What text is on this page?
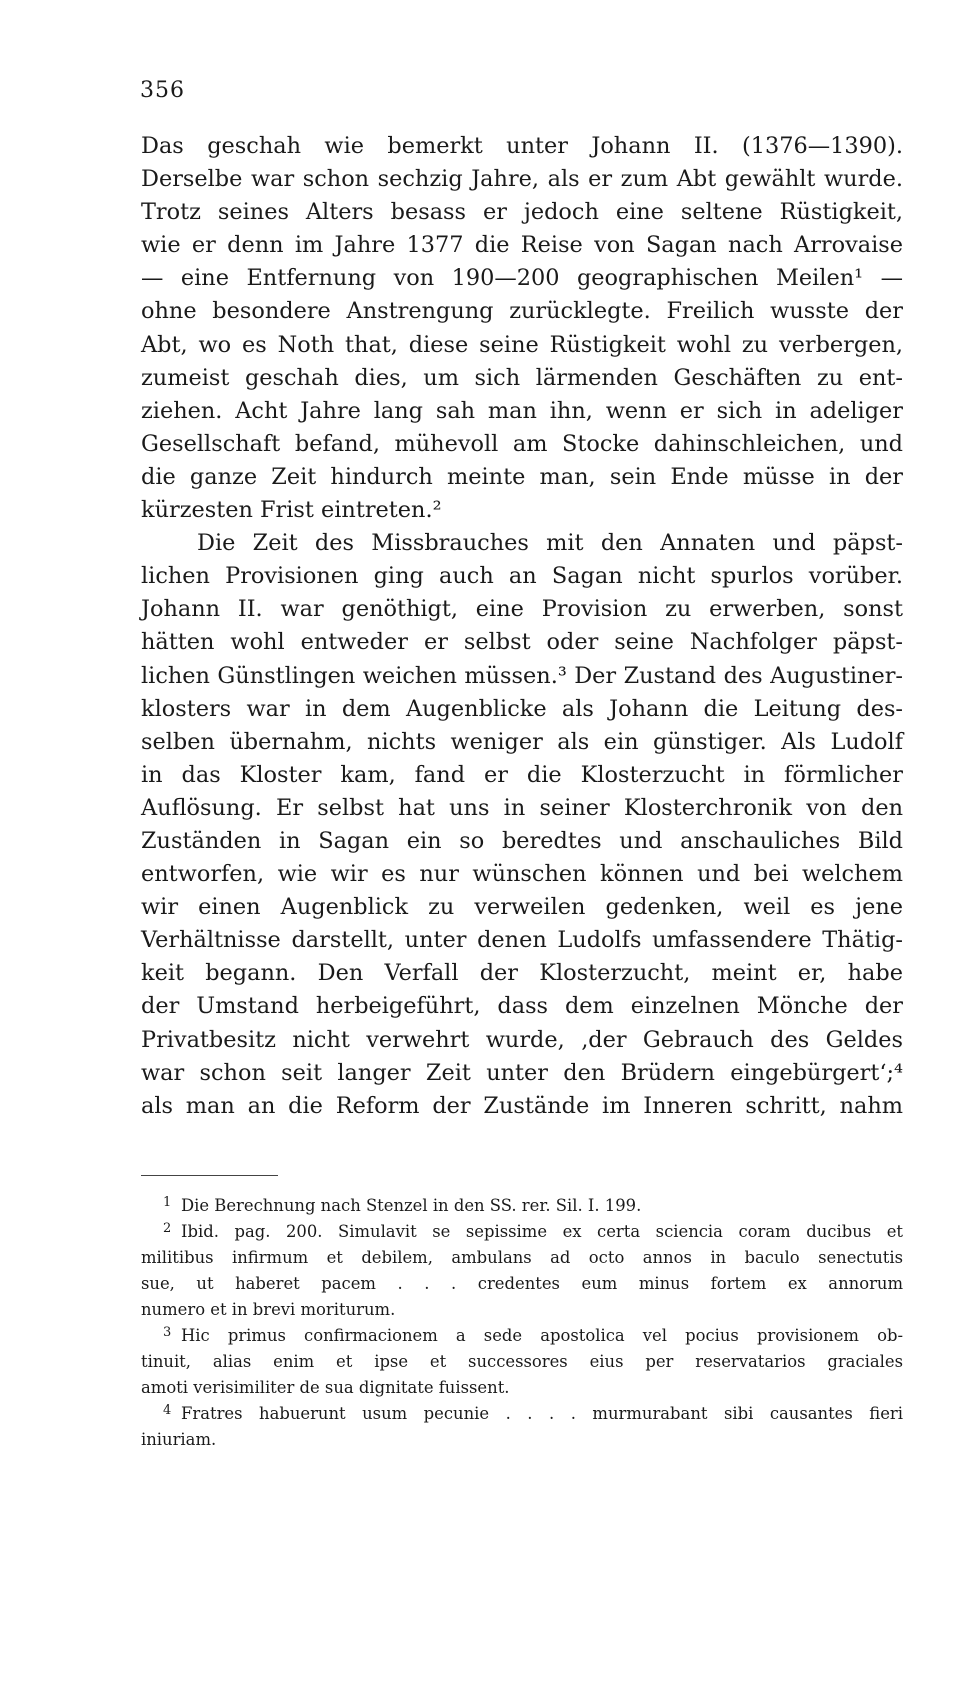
356
Das geschah wie bemerkt unter Johann II. (1376—1390).
Derselbe war schon sechzig Jahre, als er zum Abt gewählt wurde.
Trotz seines Alters besass er jedoch eine seltene Rüstigkeit,
wie er denn im Jahre 1377 die Reise von Sagan nach Arrovaise
— eine Entfernung von 190—200 geographischen Meilen¹ —
ohne besondere Anstrengung zurücklegte. Freilich wusste der
Abt, wo es Noth that, diese seine Rüstigkeit wohl zu verbergen,
zumeist geschah dies, um sich lärmenden Geschäften zu ent-
ziehen. Acht Jahre lang sah man ihn, wenn er sich in adeliger
Gesellschaft befand, mühevoll am Stocke dahinschleichen, und
die ganze Zeit hindurch meinte man, sein Ende müsse in der
kürzesten Frist eintreten.²
Die Zeit des Missbrauches mit den Annaten und päpst-
lichen Provisionen ging auch an Sagan nicht spurlos vorüber.
Johann II. war genöthigt, eine Provision zu erwerben, sonst
hätten wohl entweder er selbst oder seine Nachfolger päpst-
lichen Günstlingen weichen müssen.³ Der Zustand des Augustiner-
klosters war in dem Augenblicke als Johann die Leitung des-
selben übernahm, nichts weniger als ein günstiger. Als Ludolf
in das Kloster kam, fand er die Klosterzucht in förmlicher
Auflösung. Er selbst hat uns in seiner Klosterchronik von den
Zuständen in Sagan ein so beredtes und anschauliches Bild
entworfen, wie wir es nur wünschen können und bei welchem
wir einen Augenblick zu verweilen gedenken, weil es jene
Verhältnisse darstellt, unter denen Ludolfs umfassendere Thätig-
keit begann. Den Verfall der Klosterzucht, meint er, habe
der Umstand herbeigeführt, dass dem einzelnen Mönche der
Privatbesitz nicht verwehrt wurde, ‚der Gebrauch des Geldes
war schon seit langer Zeit unter den Brüdern eingebürgert‘;⁴
als man an die Reform der Zustände im Inneren schritt, nahm
1 Die Berechnung nach Stenzel in den SS. rer. Sil. I. 199.
2 Ibid. pag. 200. Simulavit se sepissime ex certa sciencia coram ducibus et
militibus infirmum et debilem, ambulans ad octo annos in baculo senectutis
sue, ut haberet pacem . . . credentes eum minus fortem ex annorum
numero et in brevi moriturum.
3 Hic primus confirmacionem a sede apostolica vel pocius provisionem ob-
tinuit, alias enim et ipse et successores eius per reservatarios graciales
amoti verisimiliter de sua dignitate fuissent.
4 Fratres habuerunt usum pecunie . . . . murmurabant sibi causantes fieri
iniuriam.
